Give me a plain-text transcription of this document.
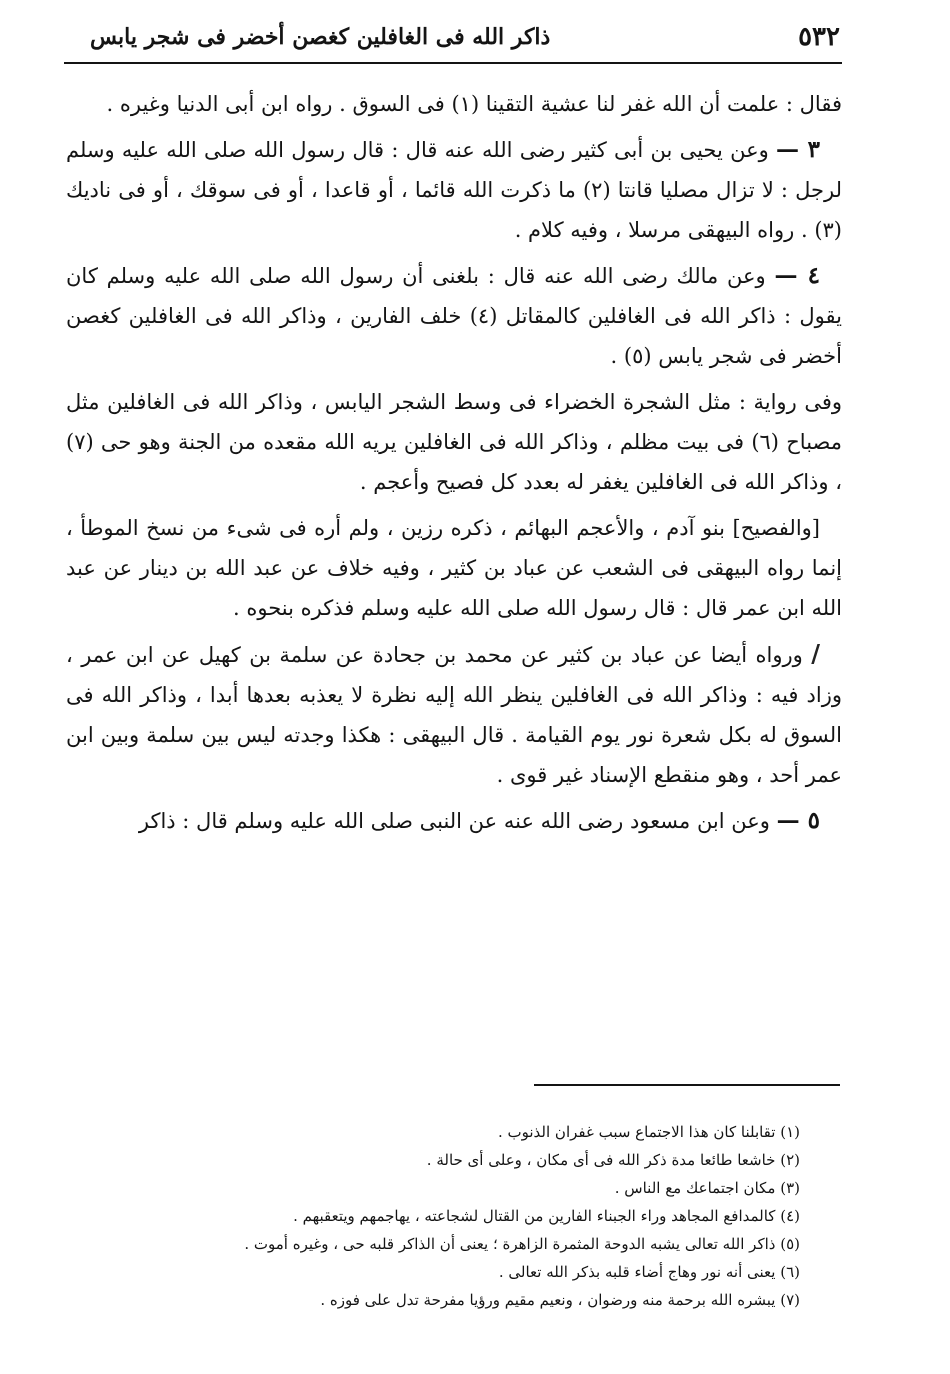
٥٣٢
ذاكر الله فى الغافلين كغصن أخضر فى شجر يابس

فقال : علمت أن الله غفر لنا عشية التقينا (١) فى السوق . رواه ابن أبى الدنيا وغيره .

٣ — وعن يحيى بن أبى كثير رضى الله عنه قال : قال رسول الله صلى الله عليه وسلم لرجل : لا تزال مصليا قانتا (٢) ما ذكرت الله قائما ، أو قاعدا ، أو فى سوقك ، أو فى ناديك (٣) . رواه البيهقى مرسلا ، وفيه كلام .

٤ — وعن مالك رضى الله عنه قال : بلغنى أن رسول الله صلى الله عليه وسلم كان يقول : ذاكر الله فى الغافلين كالمقاتل (٤) خلف الفارين ، وذاكر الله فى الغافلين كغصن أخضر فى شجر يابس (٥) .

وفى رواية : مثل الشجرة الخضراء فى وسط الشجر اليابس ، وذاكر الله فى الغافلين مثل مصباح (٦) فى بيت مظلم ، وذاكر الله فى الغافلين يريه الله مقعده من الجنة وهو حى (٧) ، وذاكر الله فى الغافلين يغفر له بعدد كل فصيح وأعجم .

[والفصيح] بنو آدم ، والأعجم البهائم ، ذكره رزين ، ولم أره فى شىء من نسخ الموطأ ، إنما رواه البيهقى فى الشعب عن عباد بن كثير ، وفيه خلاف عن عبد الله بن دينار عن عبد الله ابن عمر قال : قال رسول الله صلى الله عليه وسلم فذكره بنحوه .

/ ورواه أيضا عن عباد بن كثير عن محمد بن جحادة عن سلمة بن كهيل عن ابن عمر ، وزاد فيه : وذاكر الله فى الغافلين ينظر الله إليه نظرة لا يعذبه بعدها أبدا ، وذاكر الله فى السوق له بكل شعرة نور يوم القيامة . قال البيهقى : هكذا وجدته ليس بين سلمة وبين ابن عمر أحد ، وهو منقطع الإسناد غير قوى .

٥ — وعن ابن مسعود رضى الله عنه عن النبى صلى الله عليه وسلم قال : ذاكر

(١) تقابلنا كان هذا الاجتماع سبب غفران الذنوب .
(٢) خاشعا طائعا مدة ذكر الله فى أى مكان ، وعلى أى حالة .
(٣) مكان اجتماعك مع الناس .
(٤) كالمدافع المجاهد وراء الجبناء الفارين من القتال لشجاعته ، يهاجمهم ويتعقبهم .
(٥) ذاكر الله تعالى يشبه الدوحة المثمرة الزاهرة ؛ يعنى أن الذاكر قلبه حى ، وغيره أموت .
(٦) يعنى أنه نور وهاج أضاء قلبه بذكر الله تعالى .
(٧) يبشره الله برحمة منه ورضوان ، ونعيم مقيم ورؤيا مفرحة تدل على فوزه .
